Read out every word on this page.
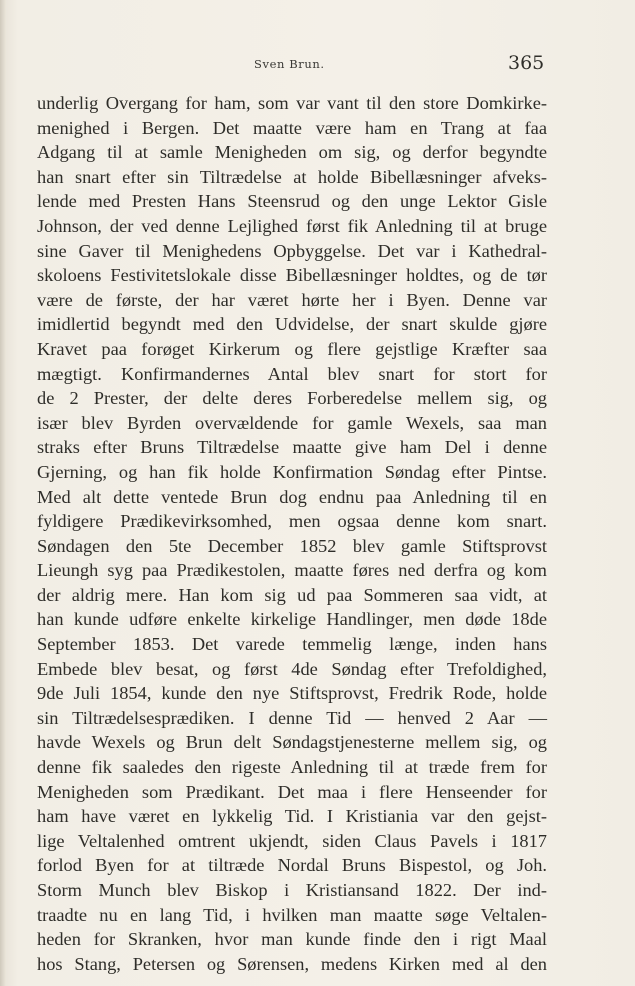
Sven Brun.	365
underlig Overgang for ham, som var vant til den store Domkirke-
menighed i Bergen. Det maatte være ham en Trang at faa
Adgang til at samle Menigheden om sig, og derfor begyndte
han snart efter sin Tiltrædelse at holde Bibellæsninger afveks-
lende med Presten Hans Steensrud og den unge Lektor Gisle
Johnson, der ved denne Lejlighed først fik Anledning til at bruge
sine Gaver til Menighedens Opbyggelse. Det var i Kathedral-
skoloens Festivitetslokale disse Bibellæsninger holdtes, og de tør
være de første, der har været hørte her i Byen. Denne var
imidlertid begyndt med den Udvidelse, der snart skulde gjøre
Kravet paa forøget Kirkerum og flere gejstlige Kræfter saa
mægtigt. Konfirmandernes Antal blev snart for stort for
de 2 Prester, der delte deres Forberedelse mellem sig, og
især blev Byrden overvældende for gamle Wexels, saa man
straks efter Bruns Tiltrædelse maatte give ham Del i denne
Gjerning, og han fik holde Konfirmation Søndag efter Pintse.
Med alt dette ventede Brun dog endnu paa Anledning til en
fyldigere Prædikevirksomhed, men ogsaa denne kom snart.
Søndagen den 5te December 1852 blev gamle Stiftsprovst
Lieungh syg paa Prædikestolen, maatte føres ned derfra og kom
der aldrig mere. Han kom sig ud paa Sommeren saa vidt, at
han kunde udføre enkelte kirkelige Handlinger, men døde 18de
September 1853. Det varede temmelig længe, inden hans
Embede blev besat, og først 4de Søndag efter Trefoldighed,
9de Juli 1854, kunde den nye Stiftsprovst, Fredrik Rode, holde
sin Tiltrædelsesprædiken. I denne Tid — henved 2 Aar —
havde Wexels og Brun delt Søndagstjenesterne mellem sig, og
denne fik saaledes den rigeste Anledning til at træde frem for
Menigheden som Prædikant. Det maa i flere Henseender for
ham have været en lykkelig Tid. I Kristiania var den gejst-
lige Veltalenhed omtrent ukjendt, siden Claus Pavels i 1817
forlod Byen for at tiltræde Nordal Bruns Bispestol, og Joh.
Storm Munch blev Biskop i Kristiansand 1822. Der ind-
traadte nu en lang Tid, i hvilken man maatte søge Veltalen-
heden for Skranken, hvor man kunde finde den i rigt Maal
hos Stang, Petersen og Sørensen, medens Kirken med al den
